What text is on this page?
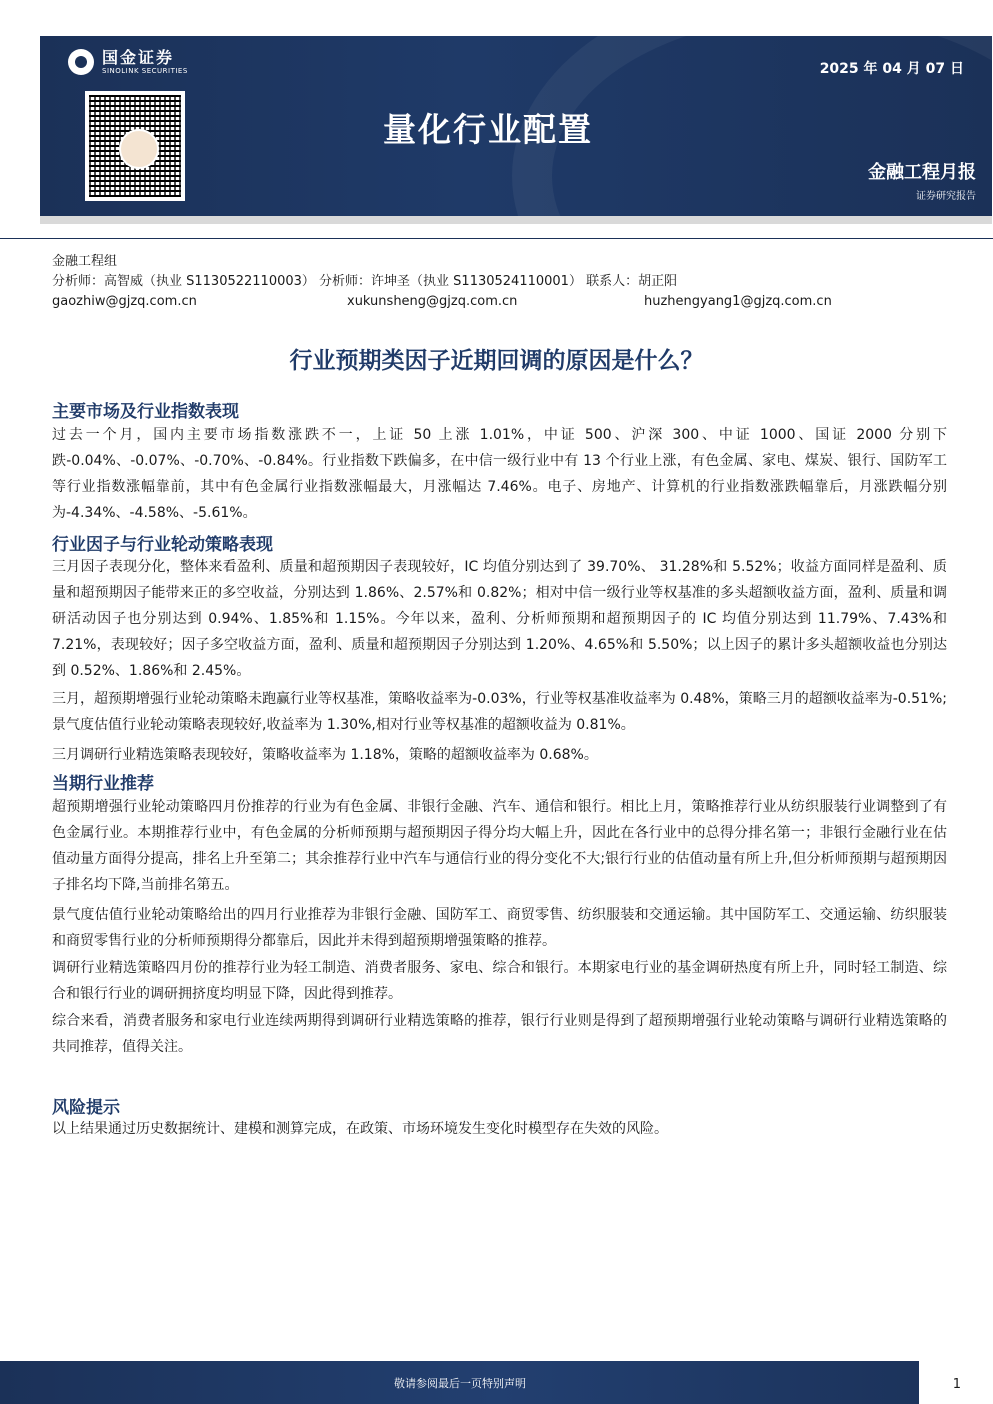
国金证券
SINOLINK SECURITIES	2025 年 04 月 07 日
量化行业配置
金融工程月报
证券研究报告
金融工程组
分析师：高智威（执业 S1130522110003） 分析师：许坤圣（执业 S1130524110001） 联系人：胡正阳
gaozhiw@gjzq.com.cn	xukunsheng@gjzq.com.cn	huzhengyang1@gjzq.com.cn
行业预期类因子近期回调的原因是什么？
主要市场及行业指数表现

过去一个月，国内主要市场指数涨跌不一，上证 50 上涨 1.01%，中证 500、沪深 300、中证 1000、国证 2000 分别下跌-0.04%、-0.07%、-0.70%、-0.84%。行业指数下跌偏多，在中信一级行业中有 13 个行业上涨，有色金属、家电、煤炭、银行、国防军工等行业指数涨幅靠前，其中有色金属行业指数涨幅最大，月涨幅达 7.46%。电子、房地产、计算机的行业指数涨跌幅靠后，月涨跌幅分别为-4.34%、-4.58%、-5.61%。

行业因子与行业轮动策略表现

三月因子表现分化，整体来看盈利、质量和超预期因子表现较好，IC 均值分别达到了 39.70%、 31.28%和 5.52%；收益方面同样是盈利、质量和超预期因子能带来正的多空收益，分别达到 1.86%、2.57%和 0.82%；相对中信一级行业等权基准的多头超额收益方面，盈利、质量和调研活动因子也分别达到 0.94%、1.85%和 1.15%。今年以来，盈利、分析师预期和超预期因子的 IC 均值分别达到 11.79%、7.43%和 7.21%，表现较好；因子多空收益方面，盈利、质量和超预期因子分别达到 1.20%、4.65%和 5.50%；以上因子的累计多头超额收益也分别达到 0.52%、1.86%和 2.45%。

三月，超预期增强行业轮动策略未跑赢行业等权基准，策略收益率为-0.03%，行业等权基准收益率为 0.48%，策略三月的超额收益率为-0.51%;景气度估值行业轮动策略表现较好,收益率为 1.30%,相对行业等权基准的超额收益为 0.81%。

三月调研行业精选策略表现较好，策略收益率为 1.18%，策略的超额收益率为 0.68%。

当期行业推荐

超预期增强行业轮动策略四月份推荐的行业为有色金属、非银行金融、汽车、通信和银行。相比上月，策略推荐行业从纺织服装行业调整到了有色金属行业。本期推荐行业中，有色金属的分析师预期与超预期因子得分均大幅上升，因此在各行业中的总得分排名第一；非银行金融行业在估值动量方面得分提高，排名上升至第二；其余推荐行业中汽车与通信行业的得分变化不大;银行行业的估值动量有所上升,但分析师预期与超预期因子排名均下降,当前排名第五。

景气度估值行业轮动策略给出的四月行业推荐为非银行金融、国防军工、商贸零售、纺织服装和交通运输。其中国防军工、交通运输、纺织服装和商贸零售行业的分析师预期得分都靠后，因此并未得到超预期增强策略的推荐。

调研行业精选策略四月份的推荐行业为轻工制造、消费者服务、家电、综合和银行。本期家电行业的基金调研热度有所上升，同时轻工制造、综合和银行行业的调研拥挤度均明显下降，因此得到推荐。

综合来看，消费者服务和家电行业连续两期得到调研行业精选策略的推荐，银行行业则是得到了超预期增强行业轮动策略与调研行业精选策略的共同推荐，值得关注。

风险提示

以上结果通过历史数据统计、建模和测算完成，在政策、市场环境发生变化时模型存在失效的风险。

敬请参阅最后一页特别声明	1
